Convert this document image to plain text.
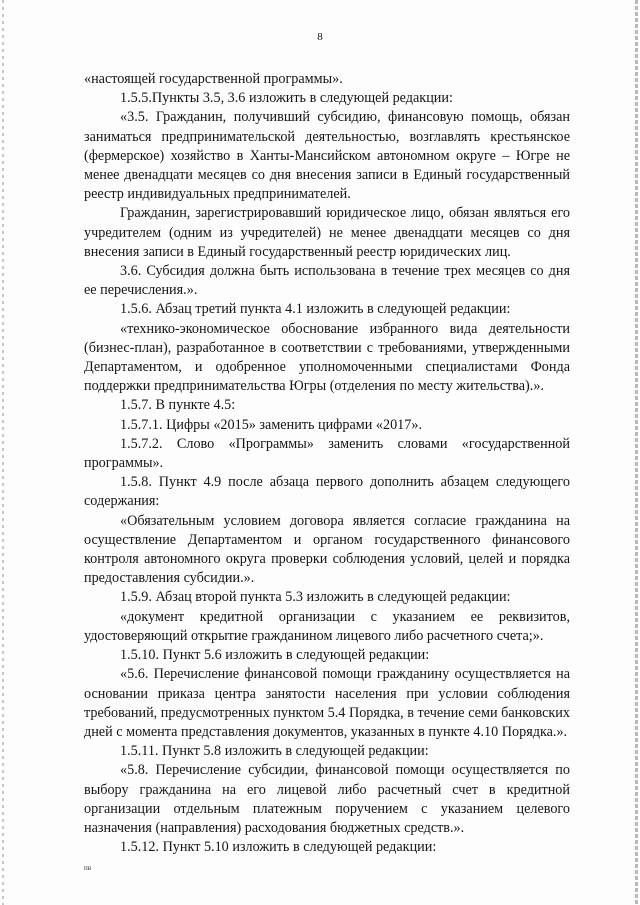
8

«настоящей государственной программы».

1.5.5.Пункты 3.5, 3.6 изложить в следующей редакции:

«3.5. Гражданин, получивший субсидию, финансовую помощь, обязан заниматься предпринимательской деятельностью, возглавлять крестьянское (фермерское) хозяйство в Ханты-Мансийском автономном округе – Югре не менее двенадцати месяцев со дня внесения записи в Единый государственный реестр индивидуальных предпринимателей.

Гражданин, зарегистрировавший юридическое лицо, обязан являться его учредителем (одним из учредителей) не менее двенадцати месяцев со дня внесения записи в Единый государственный реестр юридических лиц.

3.6. Субсидия должна быть использована в течение трех месяцев со дня ее перечисления.».

1.5.6. Абзац третий пункта 4.1 изложить в следующей редакции:

«технико-экономическое обоснование избранного вида деятельности (бизнес-план), разработанное в соответствии с требованиями, утвержденными Департаментом, и одобренное уполномоченными специалистами Фонда поддержки предпринимательства Югры (отделения по месту жительства).».

1.5.7. В пункте 4.5:

1.5.7.1. Цифры «2015» заменить цифрами «2017».

1.5.7.2. Слово «Программы» заменить словами «государственной программы».

1.5.8. Пункт 4.9 после абзаца первого дополнить абзацем следующего содержания:

«Обязательным условием договора является согласие гражданина на осуществление Департаментом и органом государственного финансового контроля автономного округа проверки соблюдения условий, целей и порядка предоставления субсидии.».

1.5.9. Абзац второй пункта 5.3 изложить в следующей редакции:

«документ кредитной организации с указанием ее реквизитов, удостоверяющий открытие гражданином лицевого либо расчетного счета;».

1.5.10. Пункт 5.6 изложить в следующей редакции:

«5.6. Перечисление финансовой помощи гражданину осуществляется на основании приказа центра занятости населения при условии соблюдения требований, предусмотренных пунктом 5.4 Порядка, в течение семи банковских дней с момента представления документов, указанных в пункте 4.10 Порядка.».

1.5.11. Пункт 5.8 изложить в следующей редакции:

«5.8. Перечисление субсидии, финансовой помощи осуществляется по выбору гражданина на его лицевой либо расчетный счет в кредитной организации отдельным платежным поручением с указанием целевого назначения (направления) расходования бюджетных средств.».

1.5.12. Пункт 5.10 изложить в следующей редакции:

пв
